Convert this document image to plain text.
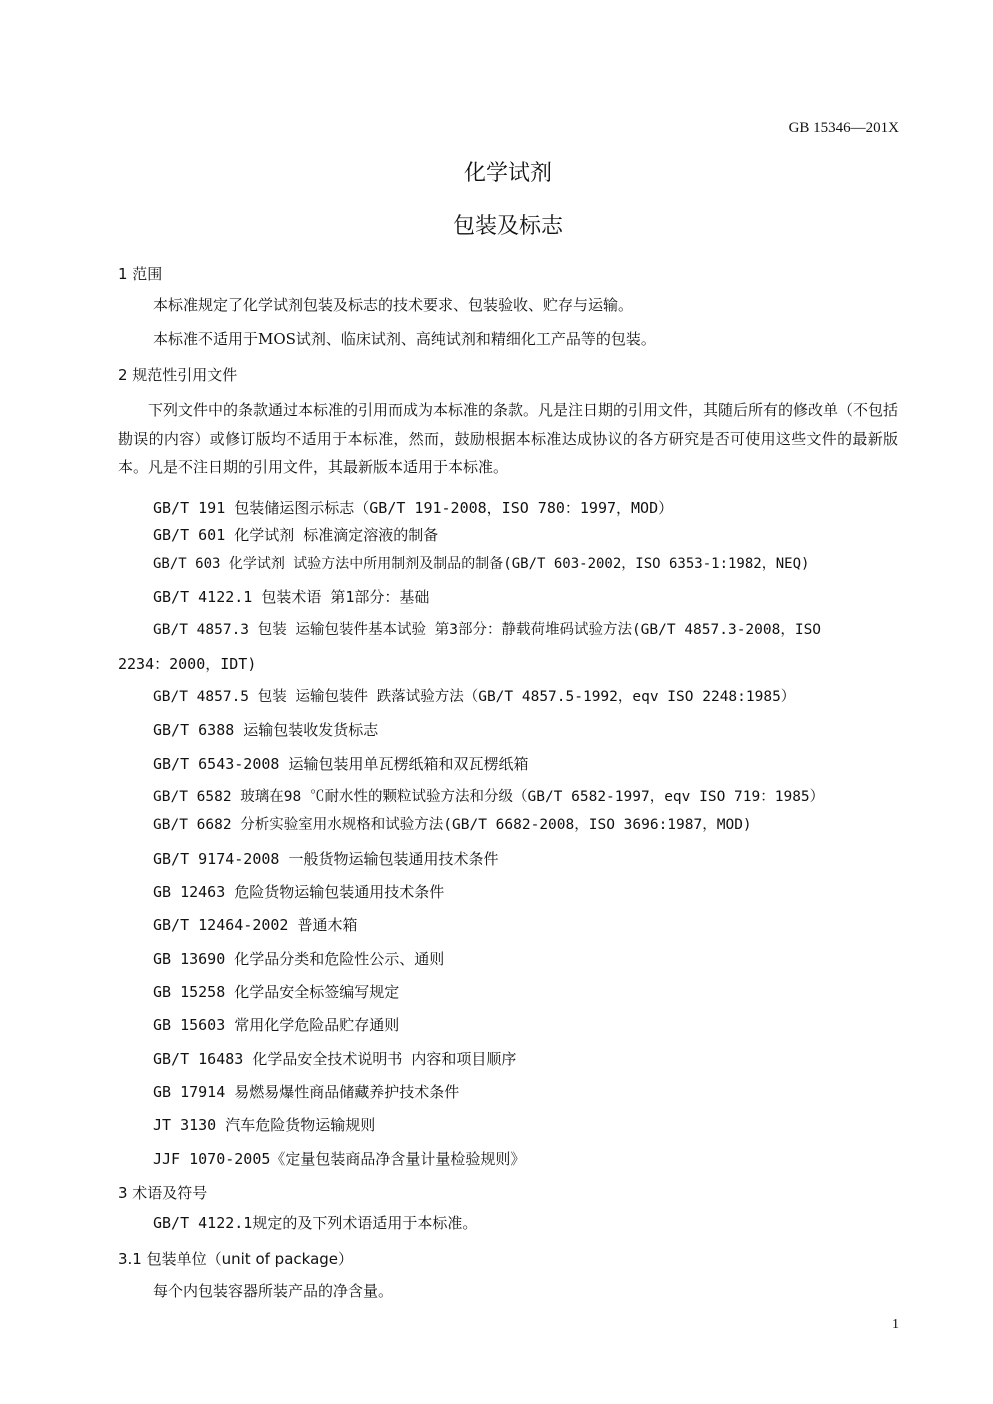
GB 15346—201X
化学试剂
包装及标志
1 范围
本标准规定了化学试剂包装及标志的技术要求、包装验收、贮存与运输。
本标准不适用于MOS试剂、临床试剂、高纯试剂和精细化工产品等的包装。
2 规范性引用文件
下列文件中的条款通过本标准的引用而成为本标准的条款。凡是注日期的引用文件，其随后所有的修改单（不包括勘误的内容）或修订版均不适用于本标准，然而，鼓励根据本标准达成协议的各方研究是否可使用这些文件的最新版本。凡是不注日期的引用文件，其最新版本适用于本标准。
GB/T 191 包装储运图示标志（GB/T 191-2008，ISO 780：1997，MOD）
GB/T 601 化学试剂 标准滴定溶液的制备
GB/T 603 化学试剂 试验方法中所用制剂及制品的制备(GB/T 603-2002，ISO 6353-1:1982，NEQ)
GB/T 4122.1 包装术语 第1部分：基础
GB/T 4857.3 包装 运输包装件基本试验 第3部分：静载荷堆码试验方法(GB/T 4857.3-2008，ISO
2234：2000，IDT)
GB/T 4857.5 包装 运输包装件 跌落试验方法（GB/T 4857.5-1992，eqv ISO 2248:1985）
GB/T 6388 运输包装收发货标志
GB/T 6543-2008 运输包装用单瓦楞纸箱和双瓦楞纸箱
GB/T 6582 玻璃在98 ℃耐水性的颗粒试验方法和分级（GB/T 6582-1997，eqv ISO 719：1985）
GB/T 6682 分析实验室用水规格和试验方法(GB/T 6682-2008，ISO 3696:1987，MOD)
GB/T 9174-2008 一般货物运输包装通用技术条件
GB 12463 危险货物运输包装通用技术条件
GB/T 12464-2002 普通木箱
GB 13690 化学品分类和危险性公示、通则
GB 15258 化学品安全标签编写规定
GB 15603 常用化学危险品贮存通则
GB/T 16483 化学品安全技术说明书 内容和项目顺序
GB 17914 易燃易爆性商品储藏养护技术条件
JT 3130 汽车危险货物运输规则
JJF 1070-2005《定量包装商品净含量计量检验规则》
3 术语及符号
GB/T 4122.1规定的及下列术语适用于本标准。
3.1 包装单位（unit of package）
每个内包装容器所装产品的净含量。
1
